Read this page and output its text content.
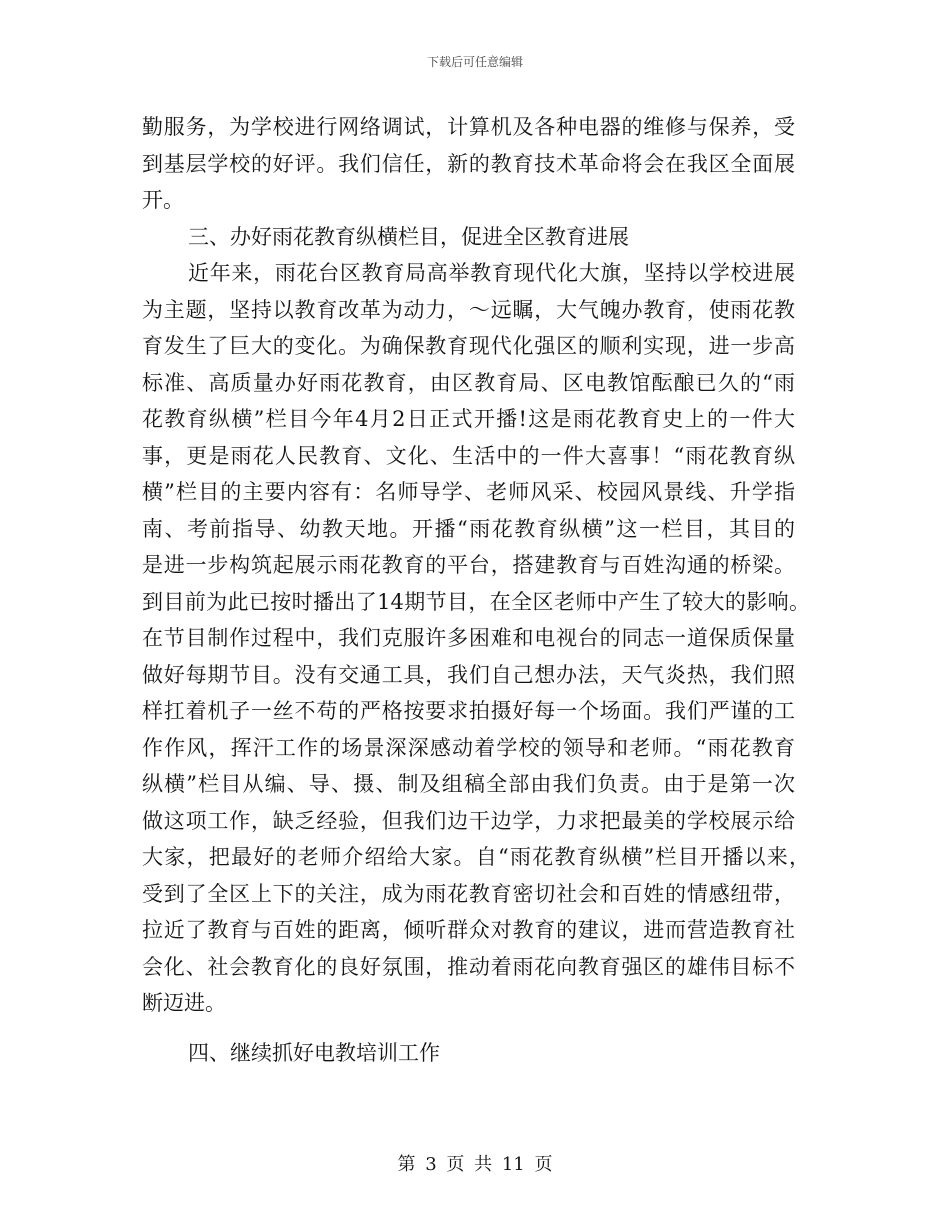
下载后可任意编辑
勤服务，为学校进行网络调试，计算机及各种电器的维修与保养，受
到基层学校的好评。我们信任，新的教育技术革命将会在我区全面展
开。
三、办好雨花教育纵横栏目，促进全区教育进展
近年来，雨花台区教育局高举教育现代化大旗，坚持以学校进展
为主题，坚持以教育改革为动力，～远瞩，大气魄办教育，使雨花教
育发生了巨大的变化。为确保教育现代化强区的顺利实现，进一步高
标准、高质量办好雨花教育，由区教育局、区电教馆酝酿已久的“雨
花教育纵横”栏目今年4月2日正式开播!这是雨花教育史上的一件大
事，更是雨花人民教育、文化、生活中的一件大喜事！“雨花教育纵
横”栏目的主要内容有：名师导学、老师风采、校园风景线、升学指
南、考前指导、幼教天地。开播“雨花教育纵横”这一栏目，其目的
是进一步构筑起展示雨花教育的平台，搭建教育与百姓沟通的桥梁。
到目前为此已按时播出了14期节目，在全区老师中产生了较大的影响。
在节目制作过程中，我们克服许多困难和电视台的同志一道保质保量
做好每期节目。没有交通工具，我们自己想办法，天气炎热，我们照
样扛着机子一丝不苟的严格按要求拍摄好每一个场面。我们严谨的工
作作风，挥汗工作的场景深深感动着学校的领导和老师。“雨花教育
纵横”栏目从编、导、摄、制及组稿全部由我们负责。由于是第一次
做这项工作，缺乏经验，但我们边干边学，力求把最美的学校展示给
大家，把最好的老师介绍给大家。自“雨花教育纵横”栏目开播以来，
受到了全区上下的关注，成为雨花教育密切社会和百姓的情感纽带，
拉近了教育与百姓的距离，倾听群众对教育的建议，进而营造教育社
会化、社会教育化的良好氛围，推动着雨花向教育强区的雄伟目标不
断迈进。
四、继续抓好电教培训工作
第 3 页 共 11 页
